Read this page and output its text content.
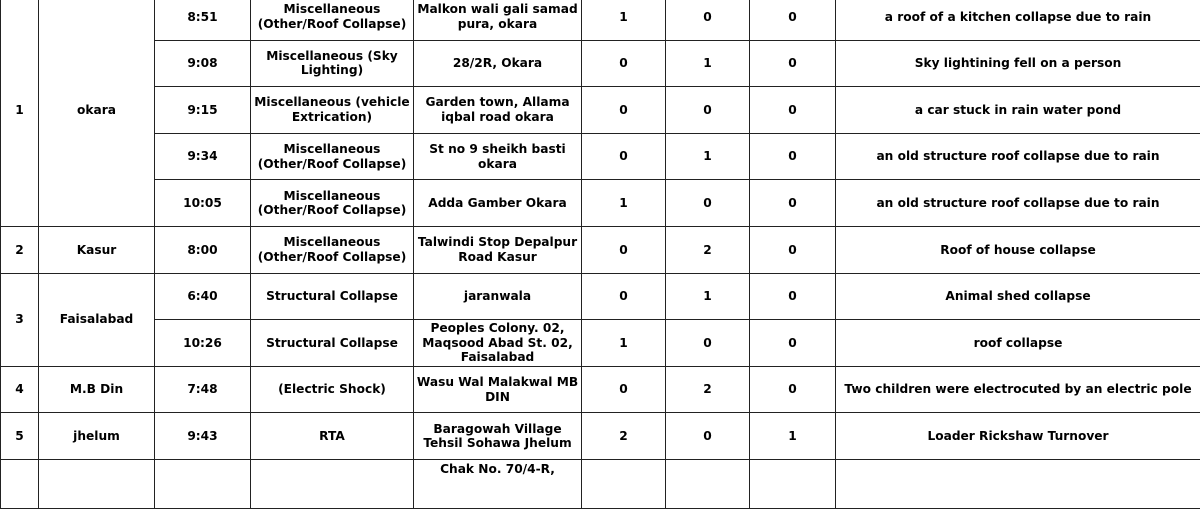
1	okara	8:51	Miscellaneous (Other/Roof Collapse)	Malkon wali gali samad pura, okara	1	0	0	a roof of a kitchen collapse due to rain
		9:08	Miscellaneous (Sky Lighting)	28/2R, Okara	0	1	0	Sky lightining fell on a person
		9:15	Miscellaneous (vehicle Extrication)	Garden town, Allama iqbal road okara	0	0	0	a car stuck in rain water pond
		9:34	Miscellaneous (Other/Roof Collapse)	St no 9 sheikh basti okara	0	1	0	an old structure roof collapse due to rain
		10:05	Miscellaneous (Other/Roof Collapse)	Adda Gamber Okara	1	0	0	an old structure roof collapse due to rain
2	Kasur	8:00	Miscellaneous (Other/Roof Collapse)	Talwindi Stop Depalpur Road Kasur	0	2	0	Roof of house collapse
3	Faisalabad	6:40	Structural Collapse	jaranwala	0	1	0	Animal shed collapse
		10:26	Structural Collapse	Peoples Colony. 02, Maqsood Abad St. 02, Faisalabad	1	0	0	roof collapse
4	M.B Din	7:48	(Electric Shock)	Wasu Wal Malakwal MB DIN	0	2	0	Two children were electrocuted by an electric pole
5	jhelum	9:43	RTA	Baragowah Village Tehsil Sohawa Jhelum	2	0	1	Loader Rickshaw Turnover
				Chak No. 70/4-R,				
